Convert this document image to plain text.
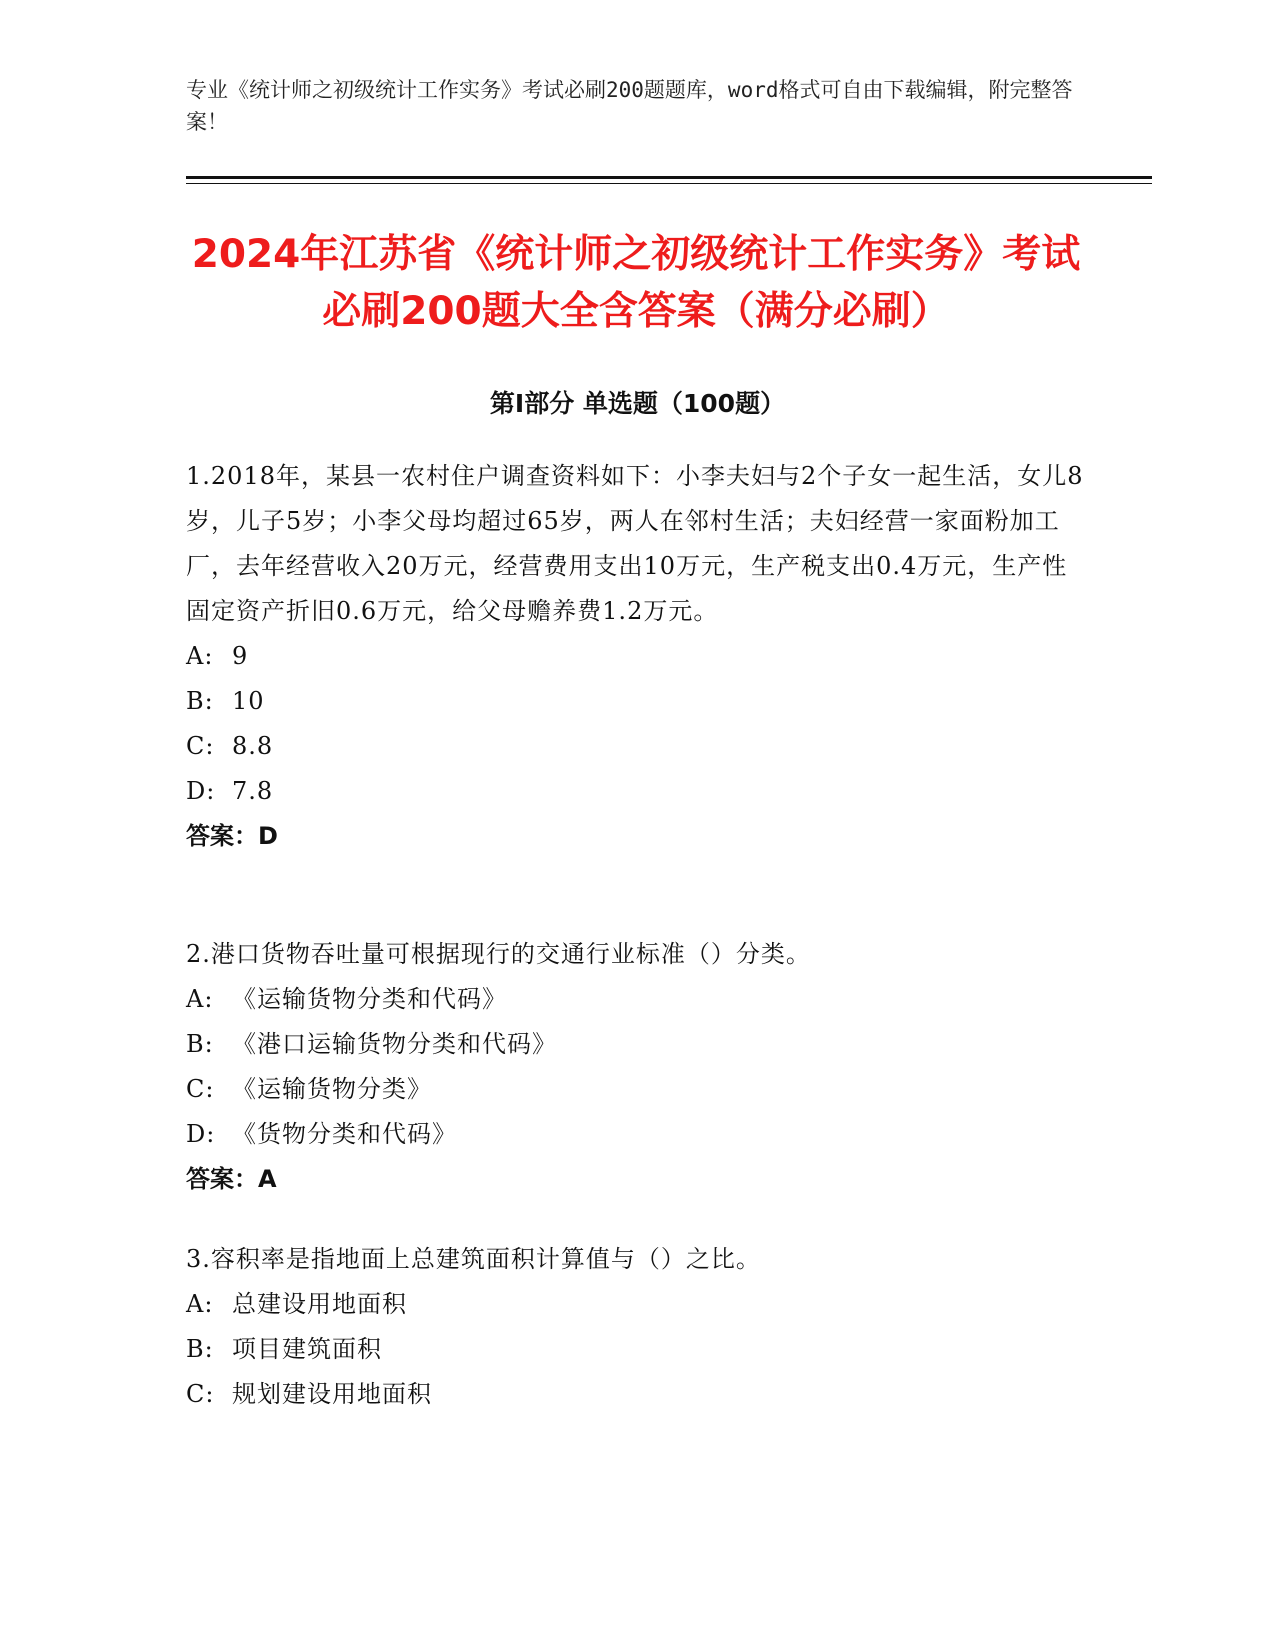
专业《统计师之初级统计工作实务》考试必刷200题题库，word格式可自由下载编辑，附完整答案！
2024年江苏省《统计师之初级统计工作实务》考试必刷200题大全含答案（满分必刷）
第Ⅰ部分 单选题（100题）
1.2018年，某县一农村住户调查资料如下：小李夫妇与2个子女一起生活，女儿8岁，儿子5岁；小李父母均超过65岁，两人在邻村生活；夫妇经营一家面粉加工厂，去年经营收入20万元，经营费用支出10万元，生产税支出0.4万元，生产性固定资产折旧0.6万元，给父母赡养费1.2万元。
A: 9
B: 10
C: 8.8
D: 7.8
答案：D
2.港口货物吞吐量可根据现行的交通行业标准（）分类。
A: 《运输货物分类和代码》
B: 《港口运输货物分类和代码》
C: 《运输货物分类》
D: 《货物分类和代码》
答案：A
3.容积率是指地面上总建筑面积计算值与（）之比。
A: 总建设用地面积
B: 项目建筑面积
C: 规划建设用地面积
